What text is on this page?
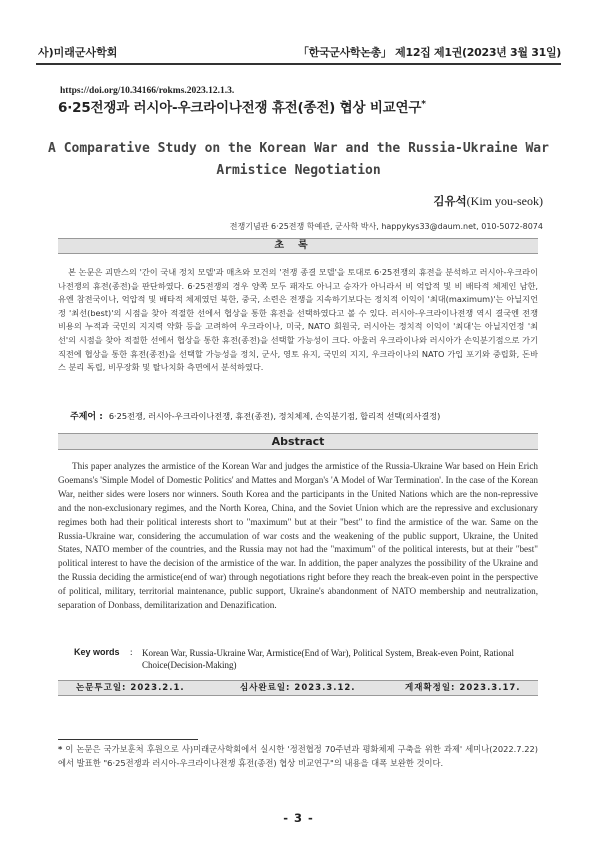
사)미래군사학회	「한국군사학논총」 제12집 제1권(2023년 3월 31일)
https://doi.org/10.34166/rokms.2023.12.1.3.
6·25전쟁과 러시아-우크라이나전쟁 휴전(종전) 협상 비교연구*
A Comparative Study on the Korean War and the Russia-Ukraine War
Armistice Negotiation
김유석(Kim you-seok)
전쟁기념관 6·25전쟁 학예관, 군사학 박사, happykys33@daum.net, 010-5072-8074
초록

본 논문은 괴만스의 '간이 국내 정치 모델'과 매츠와 모건의 '전쟁 종결 모델'을 토대로 6·25전쟁의 휴전을 분석하고 러시아-우크라이나전쟁의 휴전(종전)을 판단하였다. 6·25전쟁의 경우 양쪽 모두 패자도 아니고 승자가 아니라서 비 억압적 및 비 배타적 체제인 남한, 유엔 참전국이나, 억압적 및 배타적 체제였던 북한, 중국, 소련은 전쟁을 지속하기보다는 정치적 이익이 '최대(maximum)'는 아닐지언정 '최선(best)'의 시점을 찾아 적절한 선에서 협상을 통한 휴전을 선택하였다고 볼 수 있다. 러시아-우크라이나전쟁 역시 결국엔 전쟁 비용의 누적과 국민의 지지력 약화 등을 고려하여 우크라이나, 미국, NATO 회원국, 러시아는 정치적 이익이 '최대'는 아닐지언정 '최선'의 시점을 찾아 적절한 선에서 협상을 통한 휴전(종전)을 선택할 가능성이 크다. 아울러 우크라이나와 러시아가 손익분기점으로 가기 직전에 협상을 통한 휴전(종전)을 선택할 가능성을 정치, 군사, 영토 유지, 국민의 지지, 우크라이나의 NATO 가입 포기와 중립화, 돈바스 분리 독립, 비무장화 및 탈나치화 측면에서 분석하였다.

주제어 : 6·25전쟁, 러시아-우크라이나전쟁, 휴전(종전), 정치체제, 손익분기점, 합리적 선택(의사결정)
Abstract

This paper analyzes the armistice of the Korean War and judges the armistice of the Russia-Ukraine War based on Hein Erich Goemans's 'Simple Model of Domestic Politics' and Mattes and Morgan's 'A Model of War Termination'. In the case of the Korean War, neither sides were losers nor winners. South Korea and the participants in the United Nations which are the non-repressive and the non-exclusionary regimes, and the North Korea, China, and the Soviet Union which are the repressive and exclusionary regimes both had their political interests short to "maximum" but at their "best" to find the armistice of the war. Same on the Russia-Ukraine war, considering the accumulation of war costs and the weakening of the public support, Ukraine, the United States, NATO member of the countries, and the Russia may not had the "maximum" of the political interests, but at their "best" political interest to have the decision of the armistice of the war. In addition, the paper analyzes the possibility of the Ukraine and the Russia deciding the armistice(end of war) through negotiations right before they reach the break-even point in the perspective of political, military, territorial maintenance, public support, Ukraine's abandonment of NATO membership and neutralization, separation of Donbass, demilitarization and Denazification.

Key words : Korean War, Russia-Ukraine War, Armistice(End of War), Political System, Break-even Point, Rational Choice(Decision-Making)
논문투고일: 2023.2.1.	심사완료일: 2023.3.12.	게재확정일: 2023.3.17.
* 이 논문은 국가보훈처 후원으로 사)미래군사학회에서 실시한 '정전협정 70주년과 평화체제 구축을 위한 과제' 세미나(2022.7.22)에서 발표한 "6·25전쟁과 러시아-우크라이나전쟁 휴전(종전) 협상 비교연구"의 내용을 대폭 보완한 것이다.
- 3 -
